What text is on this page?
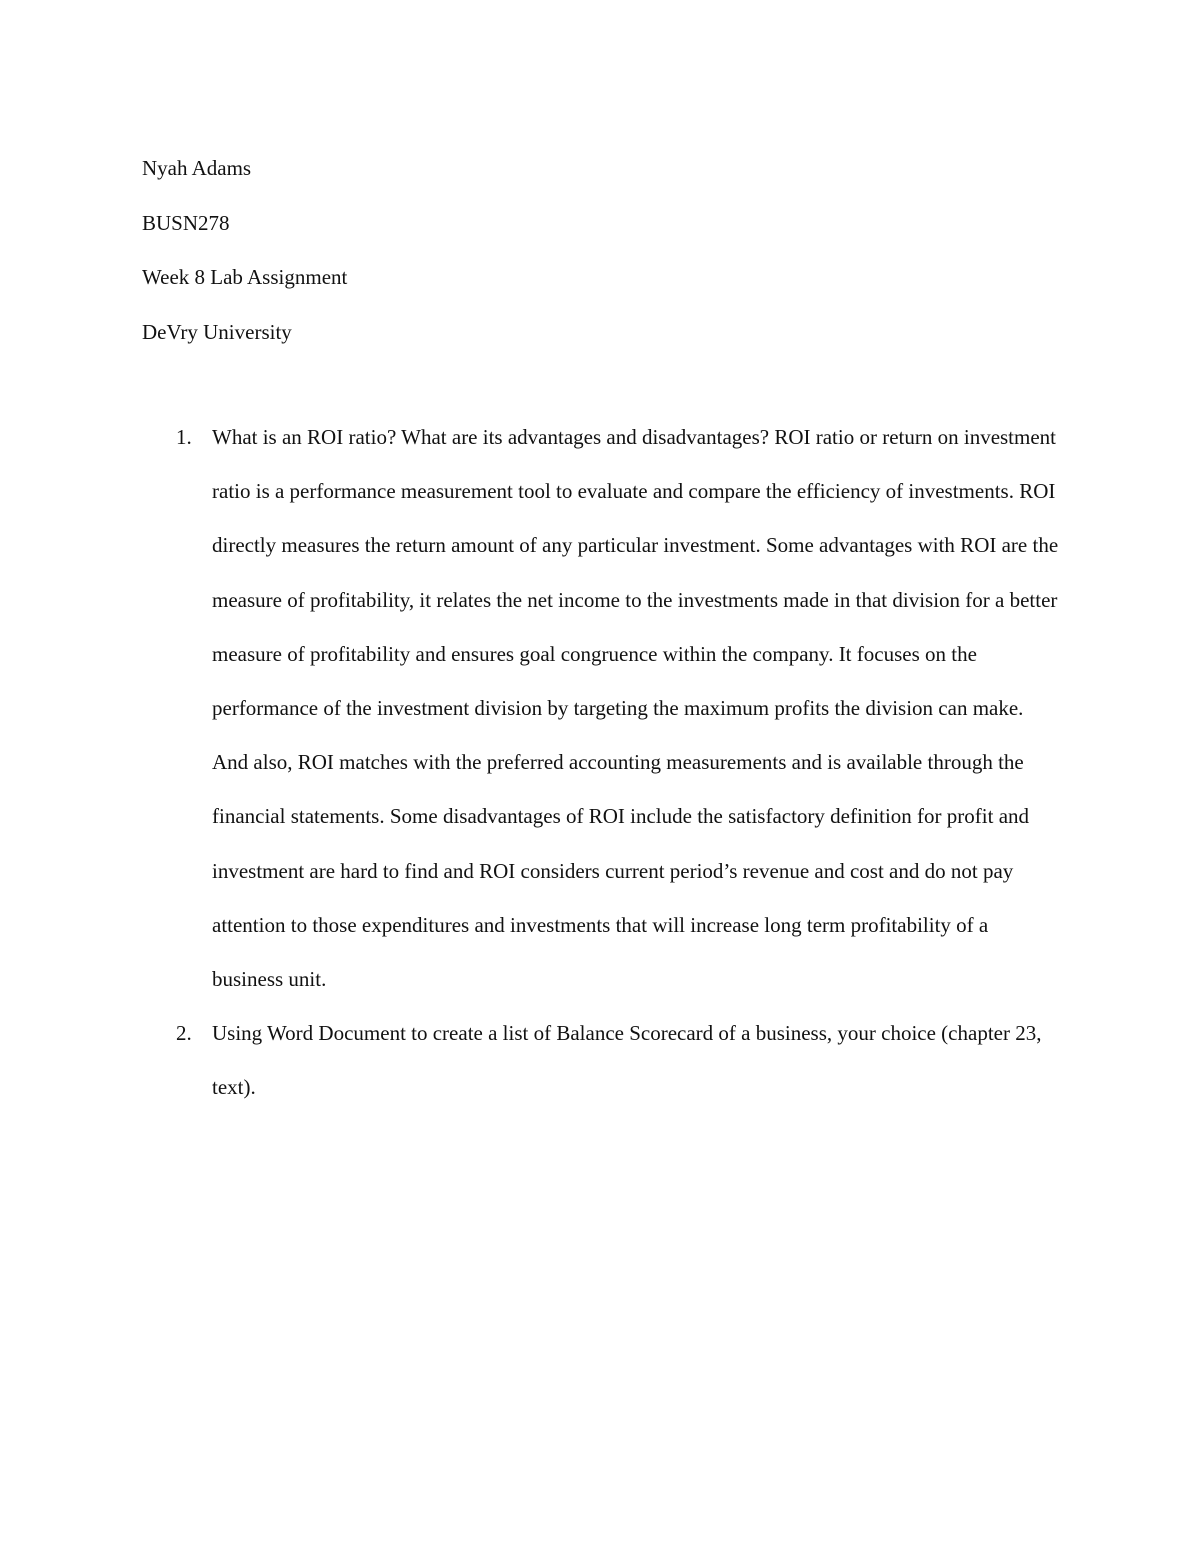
Nyah Adams
BUSN278
Week 8 Lab Assignment
DeVry University
1. What is an ROI ratio? What are its advantages and disadvantages? ROI ratio or return on investment ratio is a performance measurement tool to evaluate and compare the efficiency of investments. ROI directly measures the return amount of any particular investment. Some advantages with ROI are the measure of profitability, it relates the net income to the investments made in that division for a better measure of profitability and ensures goal congruence within the company. It focuses on the performance of the investment division by targeting the maximum profits the division can make. And also, ROI matches with the preferred accounting measurements and is available through the financial statements. Some disadvantages of ROI include the satisfactory definition for profit and investment are hard to find and ROI considers current period’s revenue and cost and do not pay attention to those expenditures and investments that will increase long term profitability of a business unit.
2. Using Word Document to create a list of Balance Scorecard of a business, your choice (chapter 23, text).
